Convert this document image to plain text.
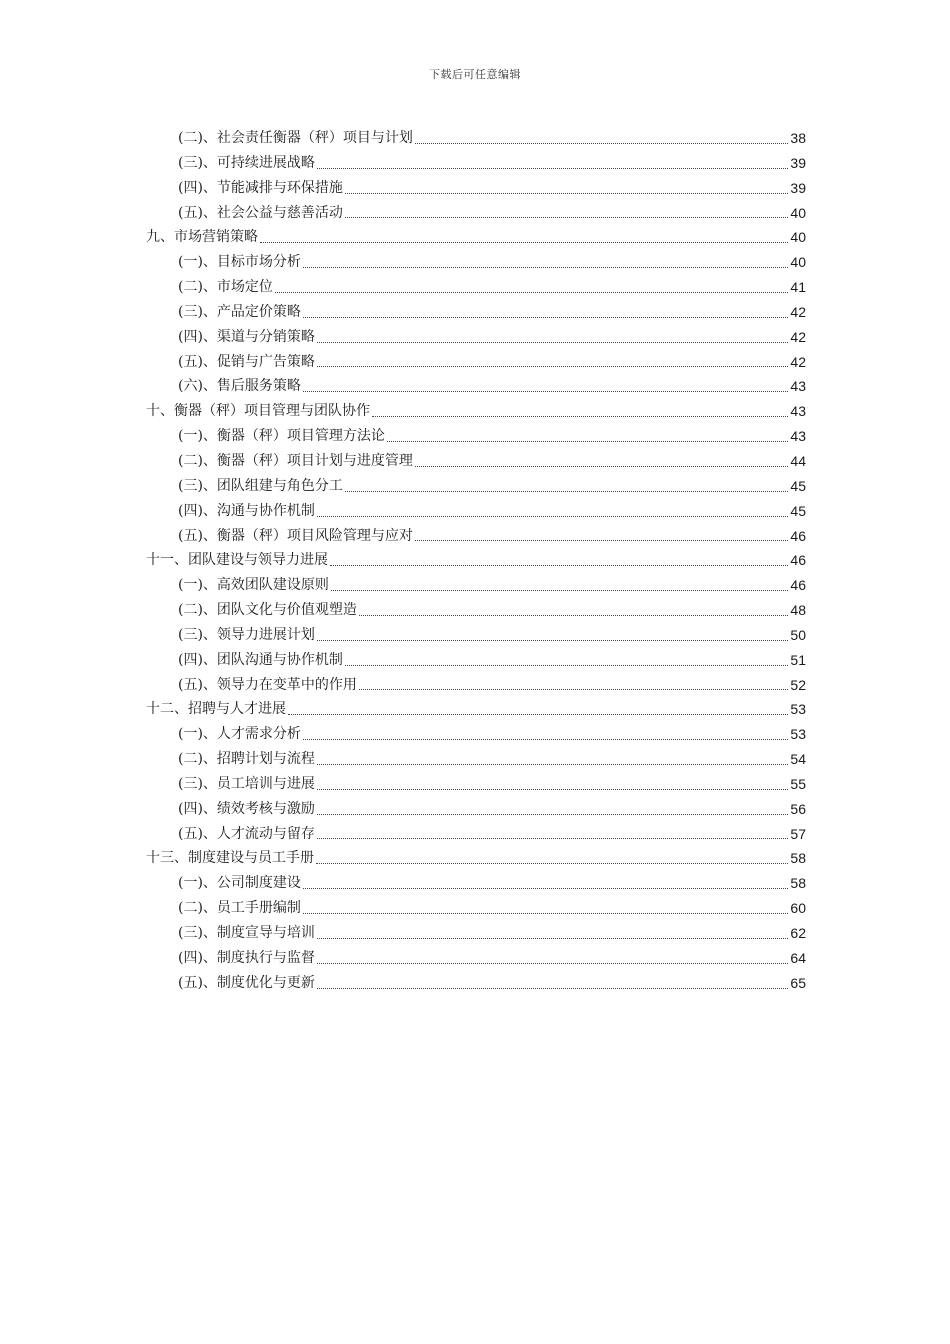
下载后可任意编辑
(二)、社会责任衡器（秤）项目与计划	38
(三)、可持续进展战略	39
(四)、节能减排与环保措施	39
(五)、社会公益与慈善活动	40
九、市场营销策略	40
(一)、目标市场分析	40
(二)、市场定位	41
(三)、产品定价策略	42
(四)、渠道与分销策略	42
(五)、促销与广告策略	42
(六)、售后服务策略	43
十、衡器（秤）项目管理与团队协作	43
(一)、衡器（秤）项目管理方法论	43
(二)、衡器（秤）项目计划与进度管理	44
(三)、团队组建与角色分工	45
(四)、沟通与协作机制	45
(五)、衡器（秤）项目风险管理与应对	46
十一、团队建设与领导力进展	46
(一)、高效团队建设原则	46
(二)、团队文化与价值观塑造	48
(三)、领导力进展计划	50
(四)、团队沟通与协作机制	51
(五)、领导力在变革中的作用	52
十二、招聘与人才进展	53
(一)、人才需求分析	53
(二)、招聘计划与流程	54
(三)、员工培训与进展	55
(四)、绩效考核与激励	56
(五)、人才流动与留存	57
十三、制度建设与员工手册	58
(一)、公司制度建设	58
(二)、员工手册编制	60
(三)、制度宣导与培训	62
(四)、制度执行与监督	64
(五)、制度优化与更新	65
